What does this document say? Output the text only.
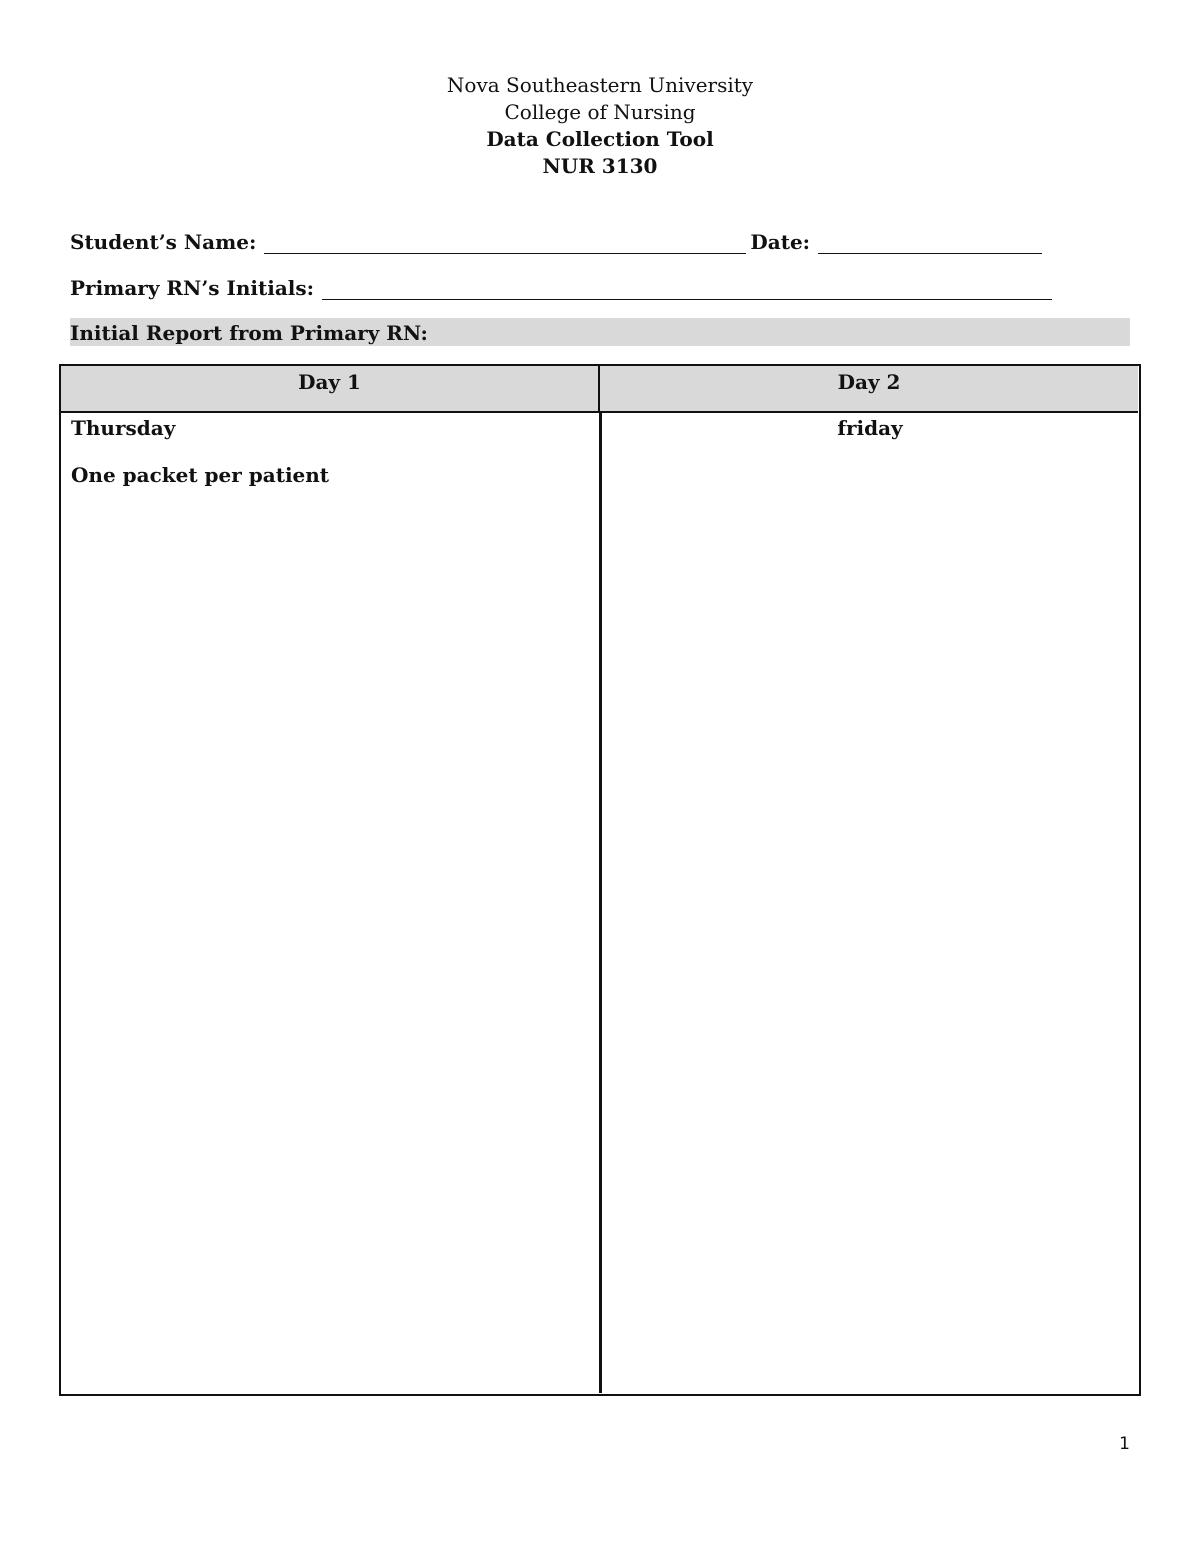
Nova Southeastern University
College of Nursing
Data Collection Tool
NUR 3130
Student’s Name:	Date:
Primary RN’s Initials:
Initial Report from Primary RN:
Day 1	Day 2

Thursday

One packet per patient

friday

1
